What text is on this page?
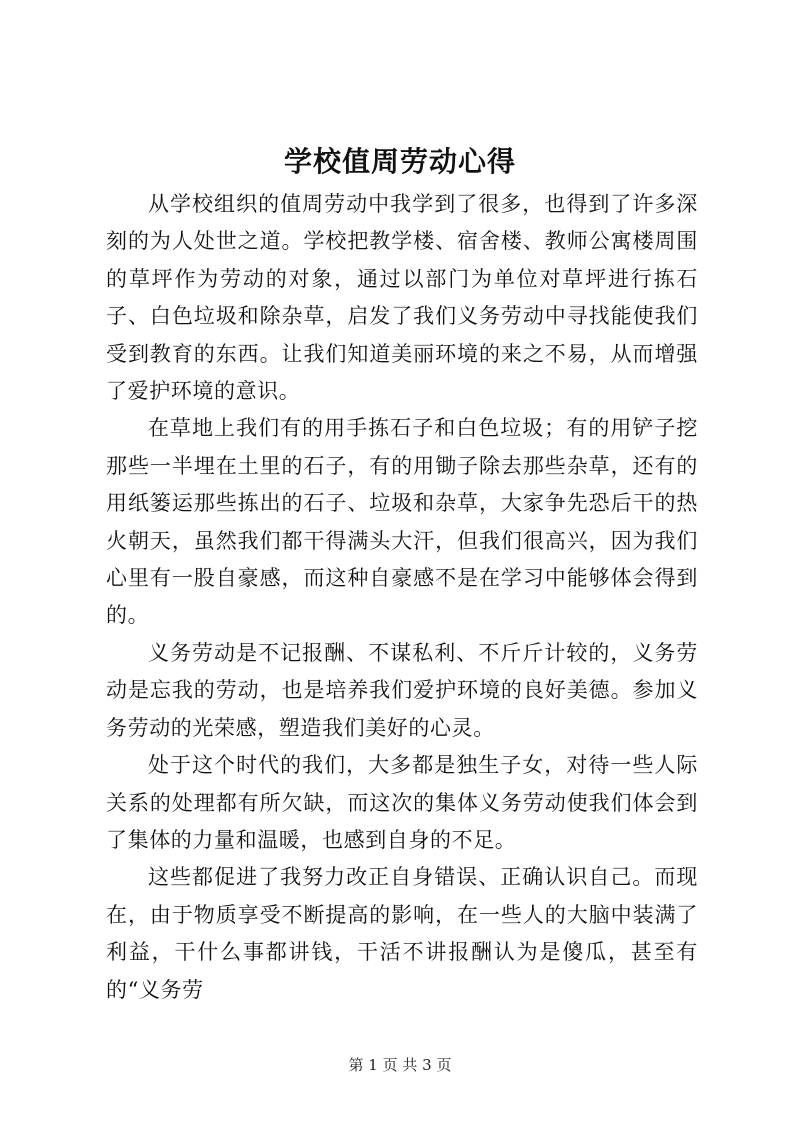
学校值周劳动心得

从学校组织的值周劳动中我学到了很多，也得到了许多深刻的为人处世之道。学校把教学楼、宿舍楼、教师公寓楼周围的草坪作为劳动的对象，通过以部门为单位对草坪进行拣石子、白色垃圾和除杂草，启发了我们义务劳动中寻找能使我们受到教育的东西。让我们知道美丽环境的来之不易，从而增强了爱护环境的意识。

在草地上我们有的用手拣石子和白色垃圾；有的用铲子挖那些一半埋在土里的石子，有的用锄子除去那些杂草，还有的用纸篓运那些拣出的石子、垃圾和杂草，大家争先恐后干的热火朝天，虽然我们都干得满头大汗，但我们很高兴，因为我们心里有一股自豪感，而这种自豪感不是在学习中能够体会得到的。

义务劳动是不记报酬、不谋私利、不斤斤计较的，义务劳动是忘我的劳动，也是培养我们爱护环境的良好美德。参加义务劳动的光荣感，塑造我们美好的心灵。

处于这个时代的我们，大多都是独生子女，对待一些人际关系的处理都有所欠缺，而这次的集体义务劳动使我们体会到了集体的力量和温暖，也感到自身的不足。

这些都促进了我努力改正自身错误、正确认识自己。而现在，由于物质享受不断提高的影响，在一些人的大脑中装满了利益，干什么事都讲钱，干活不讲报酬认为是傻瓜，甚至有的“义务劳

第 1 页 共 3 页
